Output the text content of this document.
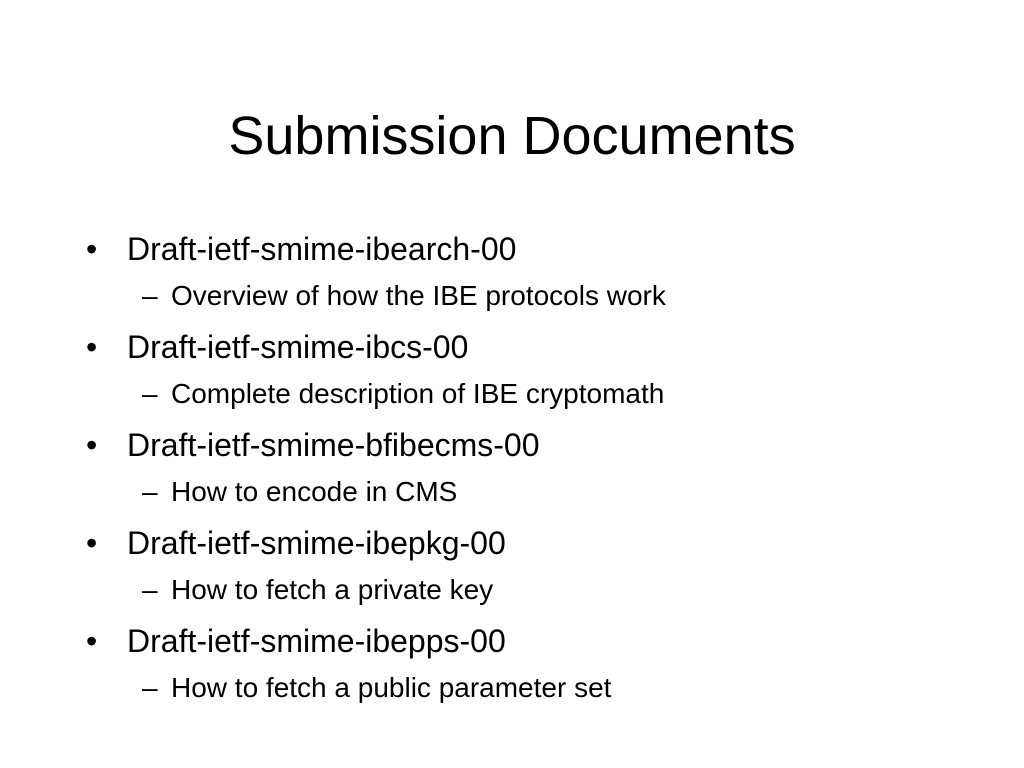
Submission Documents
• Draft-ietf-smime-ibearch-00
– Overview of how the IBE protocols work
• Draft-ietf-smime-ibcs-00
– Complete description of IBE cryptomath
• Draft-ietf-smime-bfibecms-00
– How to encode in CMS
• Draft-ietf-smime-ibepkg-00
– How to fetch a private key
• Draft-ietf-smime-ibepps-00
– How to fetch a public parameter set
